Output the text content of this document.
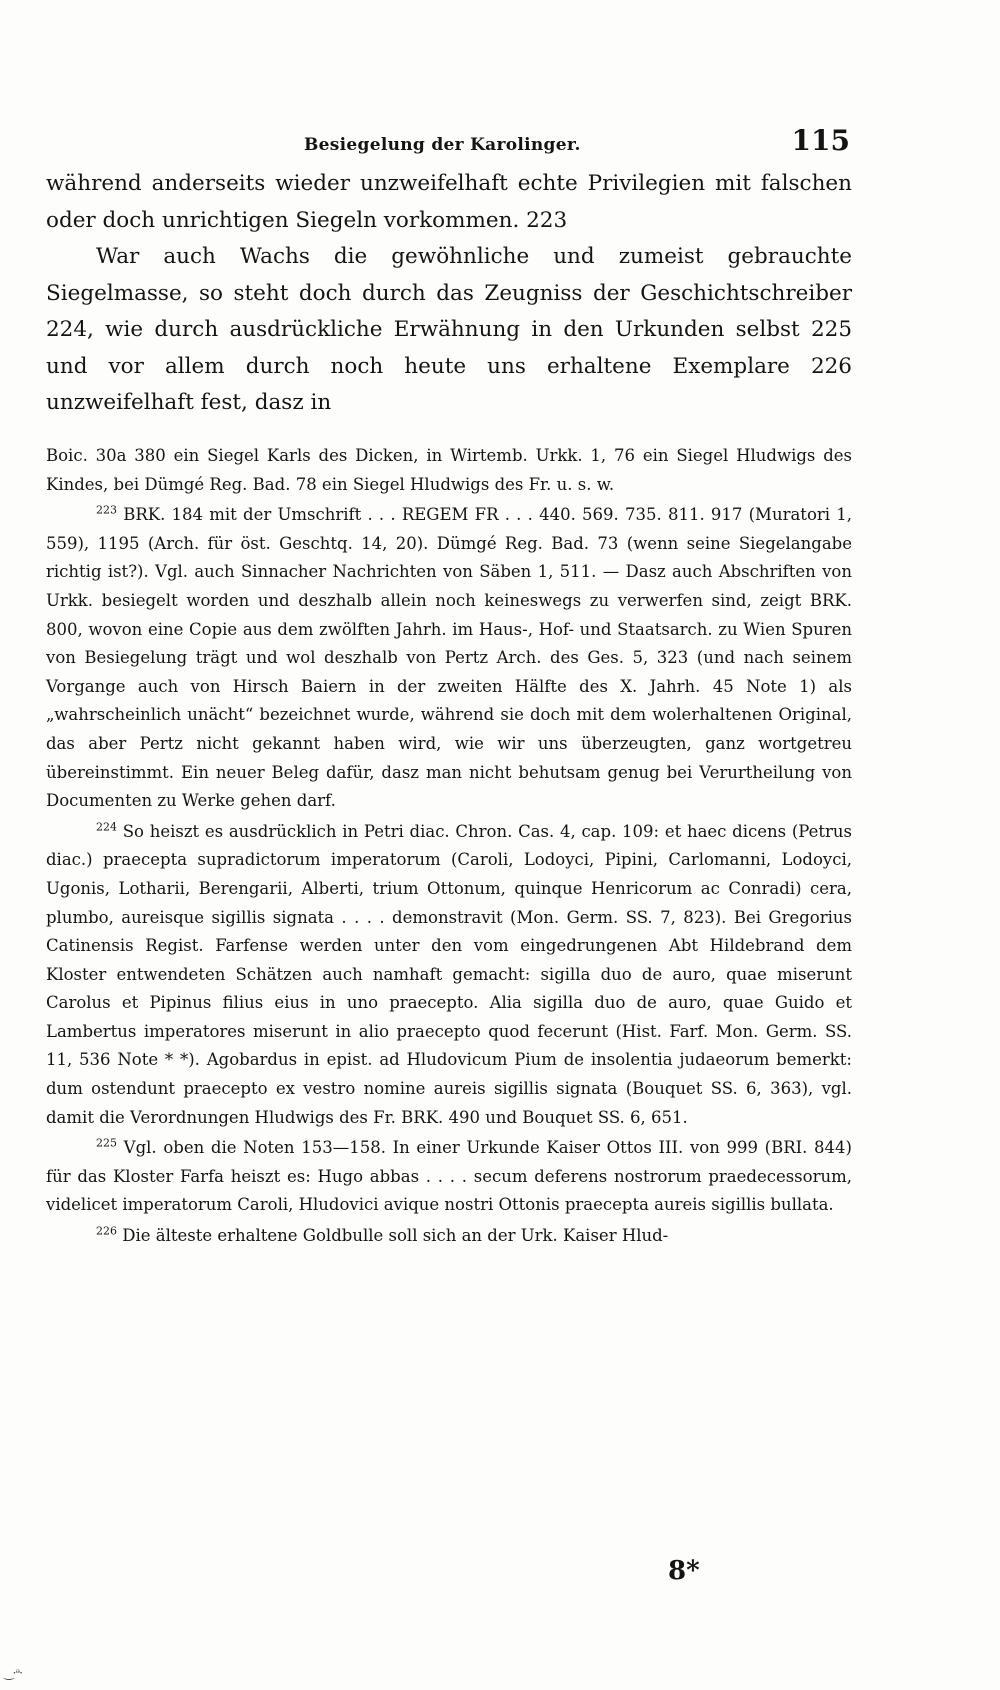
Besiegelung der Karolinger.	115

während anderseits wieder unzweifelhaft echte Privilegien mit falschen oder doch unrichtigen Siegeln vorkommen. 223

War auch Wachs die gewöhnliche und zumeist gebrauchte Siegelmasse, so steht doch durch das Zeugniss der Geschichtschreiber 224, wie durch ausdrückliche Erwähnung in den Urkunden selbst 225 und vor allem durch noch heute uns erhaltene Exemplare 226 unzweifelhaft fest, dasz in

Boic. 30a 380 ein Siegel Karls des Dicken, in Wirtemb. Urkk. 1, 76 ein Siegel Hludwigs des Kindes, bei Dümgé Reg. Bad. 78 ein Siegel Hludwigs des Fr. u. s. w.

$^{223}$ BRK. 184 mit der Umschrift . . . REGEM FR . . . 440. 569. 735. 811. 917 (Muratori 1, 559), 1195 (Arch. für öst. Geschtq. 14, 20). Dümgé Reg. Bad. 73 (wenn seine Siegelangabe richtig ist?). Vgl. auch Sinnacher Nachrichten von Säben 1, 511. — Dasz auch Abschriften von Urkk. besiegelt worden und deszhalb allein noch keineswegs zu verwerfen sind, zeigt BRK. 800, wovon eine Copie aus dem zwölften Jahrh. im Haus-, Hof- und Staatsarch. zu Wien Spuren von Besiegelung trägt und wol deszhalb von Pertz Arch. des Ges. 5, 323 (und nach seinem Vorgange auch von Hirsch Baiern in der zweiten Hälfte des X. Jahrh. 45 Note 1) als „wahrscheinlich unächt“ bezeichnet wurde, während sie doch mit dem wolerhaltenen Original, das aber Pertz nicht gekannt haben wird, wie wir uns überzeugten, ganz wortgetreu übereinstimmt. Ein neuer Beleg dafür, dasz man nicht behutsam genug bei Verurtheilung von Documenten zu Werke gehen darf.

$^{224}$ So heiszt es ausdrücklich in Petri diac. Chron. Cas. 4, cap. 109: et haec dicens (Petrus diac.) praecepta supradictorum imperatorum (Caroli, Lodoyci, Pipini, Carlomanni, Lodoyci, Ugonis, Lotharii, Berengarii, Alberti, trium Ottonum, quinque Henricorum ac Conradi) cera, plumbo, aureisque sigillis signata . . . . demonstravit (Mon. Germ. SS. 7, 823). Bei Gregorius Catinensis Regist. Farfense werden unter den vom eingedrungenen Abt Hildebrand dem Kloster entwendeten Schätzen auch namhaft gemacht: sigilla duo de auro, quae miserunt Carolus et Pipinus filius eius in uno praecepto. Alia sigilla duo de auro, quae Guido et Lambertus imperatores miserunt in alio praecepto quod fecerunt (Hist. Farf. Mon. Germ. SS. 11, 536 Note * *). Agobardus in epist. ad Hludovicum Pium de insolentia judaeorum bemerkt: dum ostendunt praecepto ex vestro nomine aureis sigillis signata (Bouquet SS. 6, 363), vgl. damit die Verordnungen Hludwigs des Fr. BRK. 490 und Bouquet SS. 6, 651.

$^{225}$ Vgl. oben die Noten 153—158. In einer Urkunde Kaiser Ottos III. von 999 (BRI. 844) für das Kloster Farfa heiszt es: Hugo abbas . . . . secum deferens nostrorum praedecessorum, videlicet imperatorum Caroli, Hludovici avique nostri Ottonis praecepta aureis sigillis bullata.

$^{226}$ Die älteste erhaltene Goldbulle soll sich an der Urk. Kaiser Hlud-

8*
‿·ᵊ·
